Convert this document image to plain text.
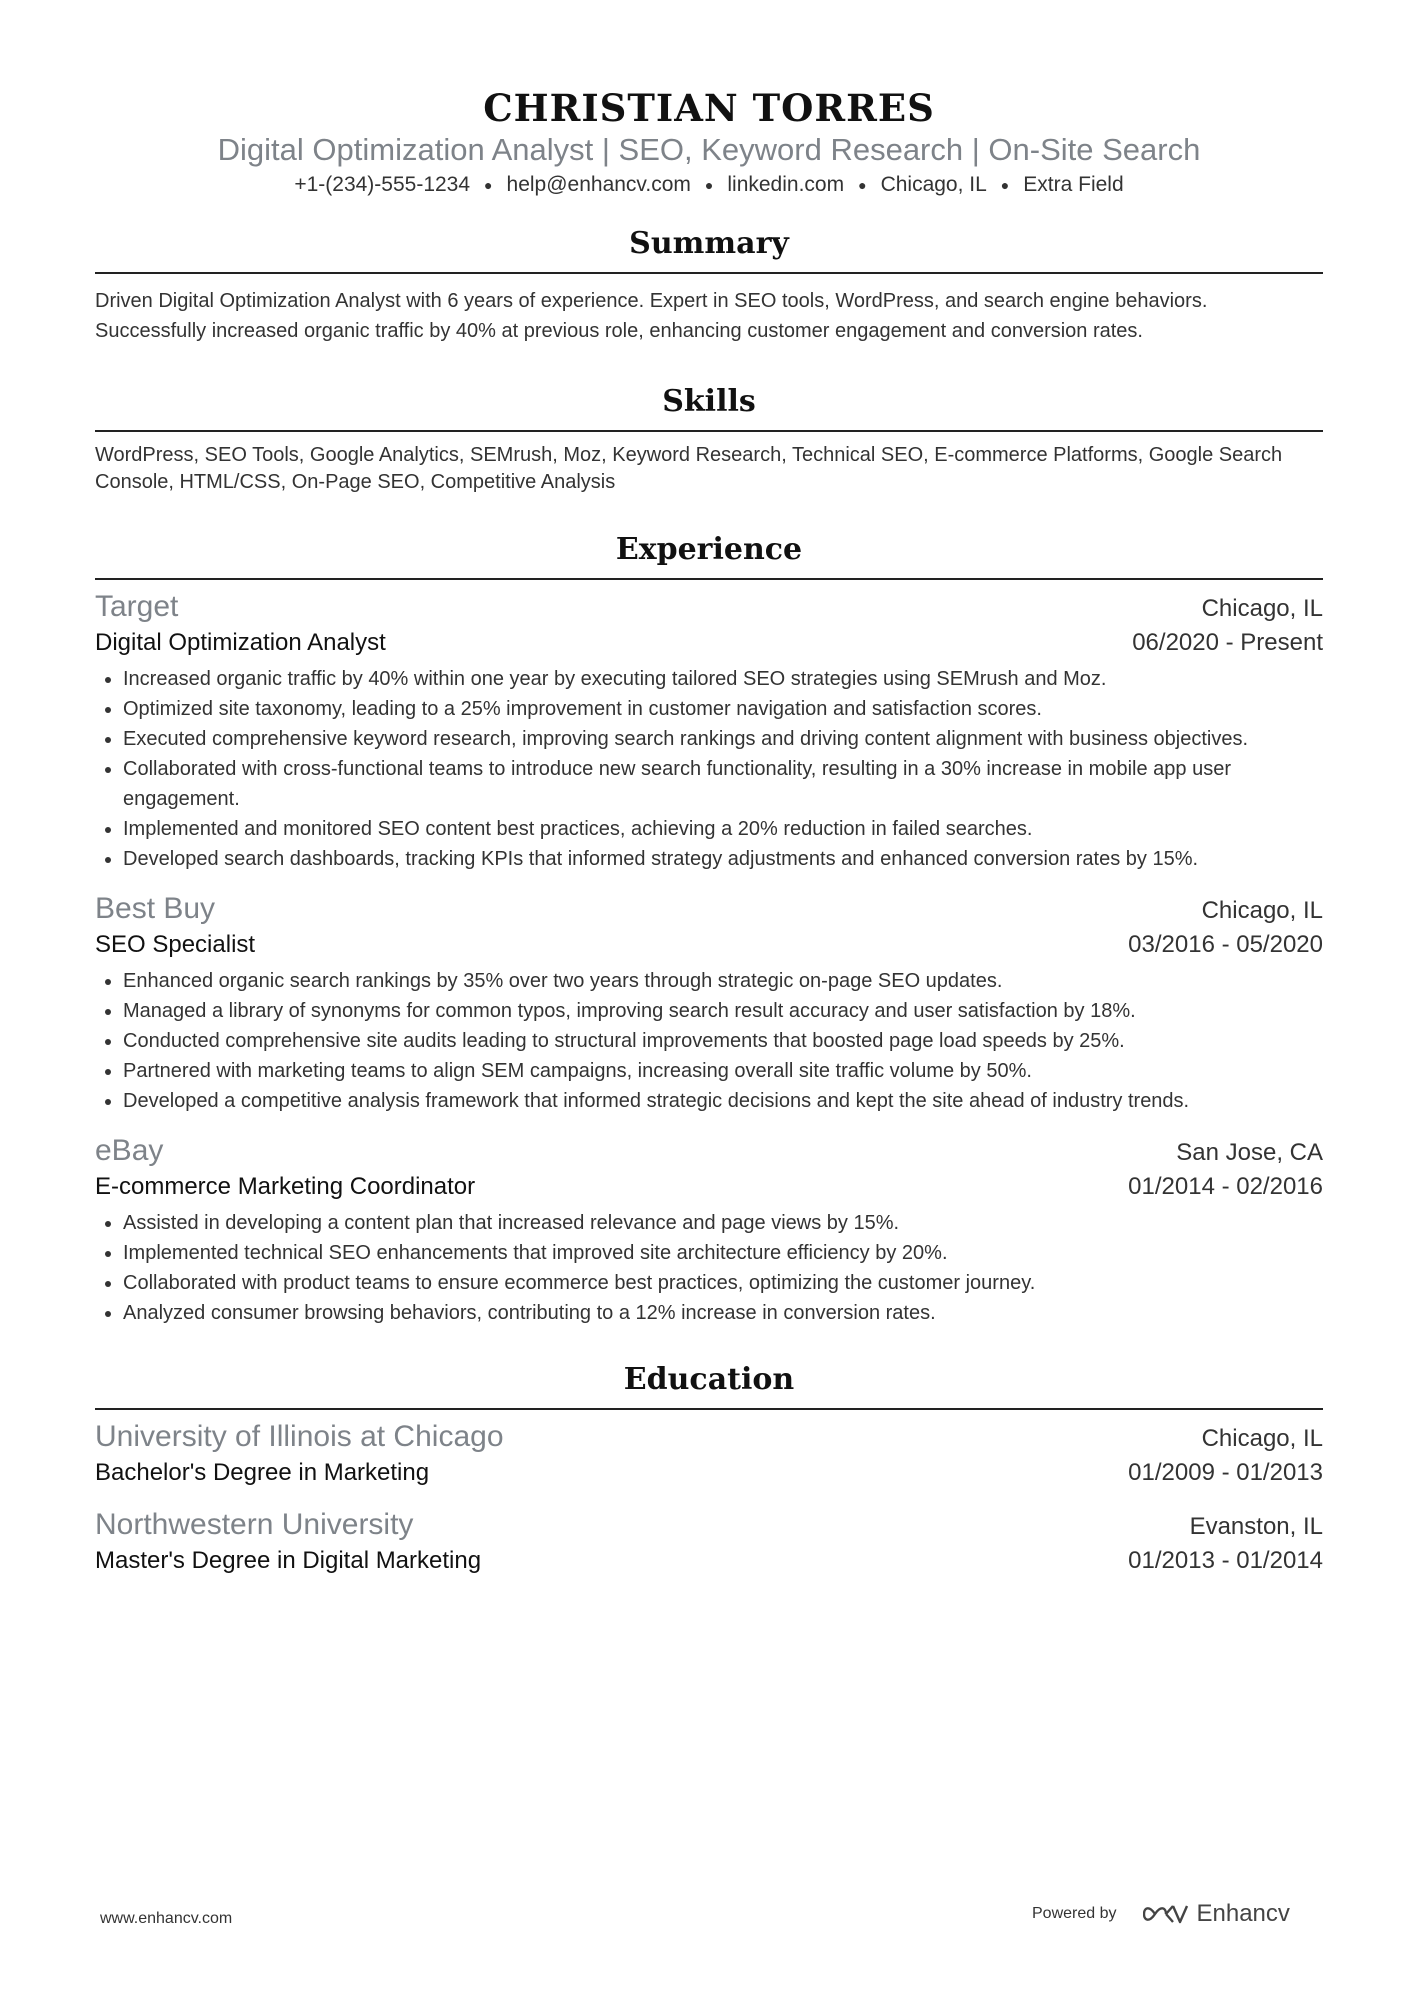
CHRISTIAN TORRES
Digital Optimization Analyst | SEO, Keyword Research | On-Site Search
+1-(234)-555-1234 ● help@enhancv.com ● linkedin.com ● Chicago, IL ● Extra Field
Summary
Driven Digital Optimization Analyst with 6 years of experience. Expert in SEO tools, WordPress, and search engine behaviors. Successfully increased organic traffic by 40% at previous role, enhancing customer engagement and conversion rates.
Skills
WordPress, SEO Tools, Google Analytics, SEMrush, Moz, Keyword Research, Technical SEO, E-commerce Platforms, Google Search Console, HTML/CSS, On-Page SEO, Competitive Analysis
Experience
Target	Chicago, IL
Digital Optimization Analyst	06/2020 - Present
Increased organic traffic by 40% within one year by executing tailored SEO strategies using SEMrush and Moz.
Optimized site taxonomy, leading to a 25% improvement in customer navigation and satisfaction scores.
Executed comprehensive keyword research, improving search rankings and driving content alignment with business objectives.
Collaborated with cross-functional teams to introduce new search functionality, resulting in a 30% increase in mobile app user engagement.
Implemented and monitored SEO content best practices, achieving a 20% reduction in failed searches.
Developed search dashboards, tracking KPIs that informed strategy adjustments and enhanced conversion rates by 15%.
Best Buy	Chicago, IL
SEO Specialist	03/2016 - 05/2020
Enhanced organic search rankings by 35% over two years through strategic on-page SEO updates.
Managed a library of synonyms for common typos, improving search result accuracy and user satisfaction by 18%.
Conducted comprehensive site audits leading to structural improvements that boosted page load speeds by 25%.
Partnered with marketing teams to align SEM campaigns, increasing overall site traffic volume by 50%.
Developed a competitive analysis framework that informed strategic decisions and kept the site ahead of industry trends.
eBay	San Jose, CA
E-commerce Marketing Coordinator	01/2014 - 02/2016
Assisted in developing a content plan that increased relevance and page views by 15%.
Implemented technical SEO enhancements that improved site architecture efficiency by 20%.
Collaborated with product teams to ensure ecommerce best practices, optimizing the customer journey.
Analyzed consumer browsing behaviors, contributing to a 12% increase in conversion rates.
Education
University of Illinois at Chicago	Chicago, IL
Bachelor's Degree in Marketing	01/2009 - 01/2013
Northwestern University	Evanston, IL
Master's Degree in Digital Marketing	01/2013 - 01/2014
www.enhancv.com	Powered by	Enhancv
